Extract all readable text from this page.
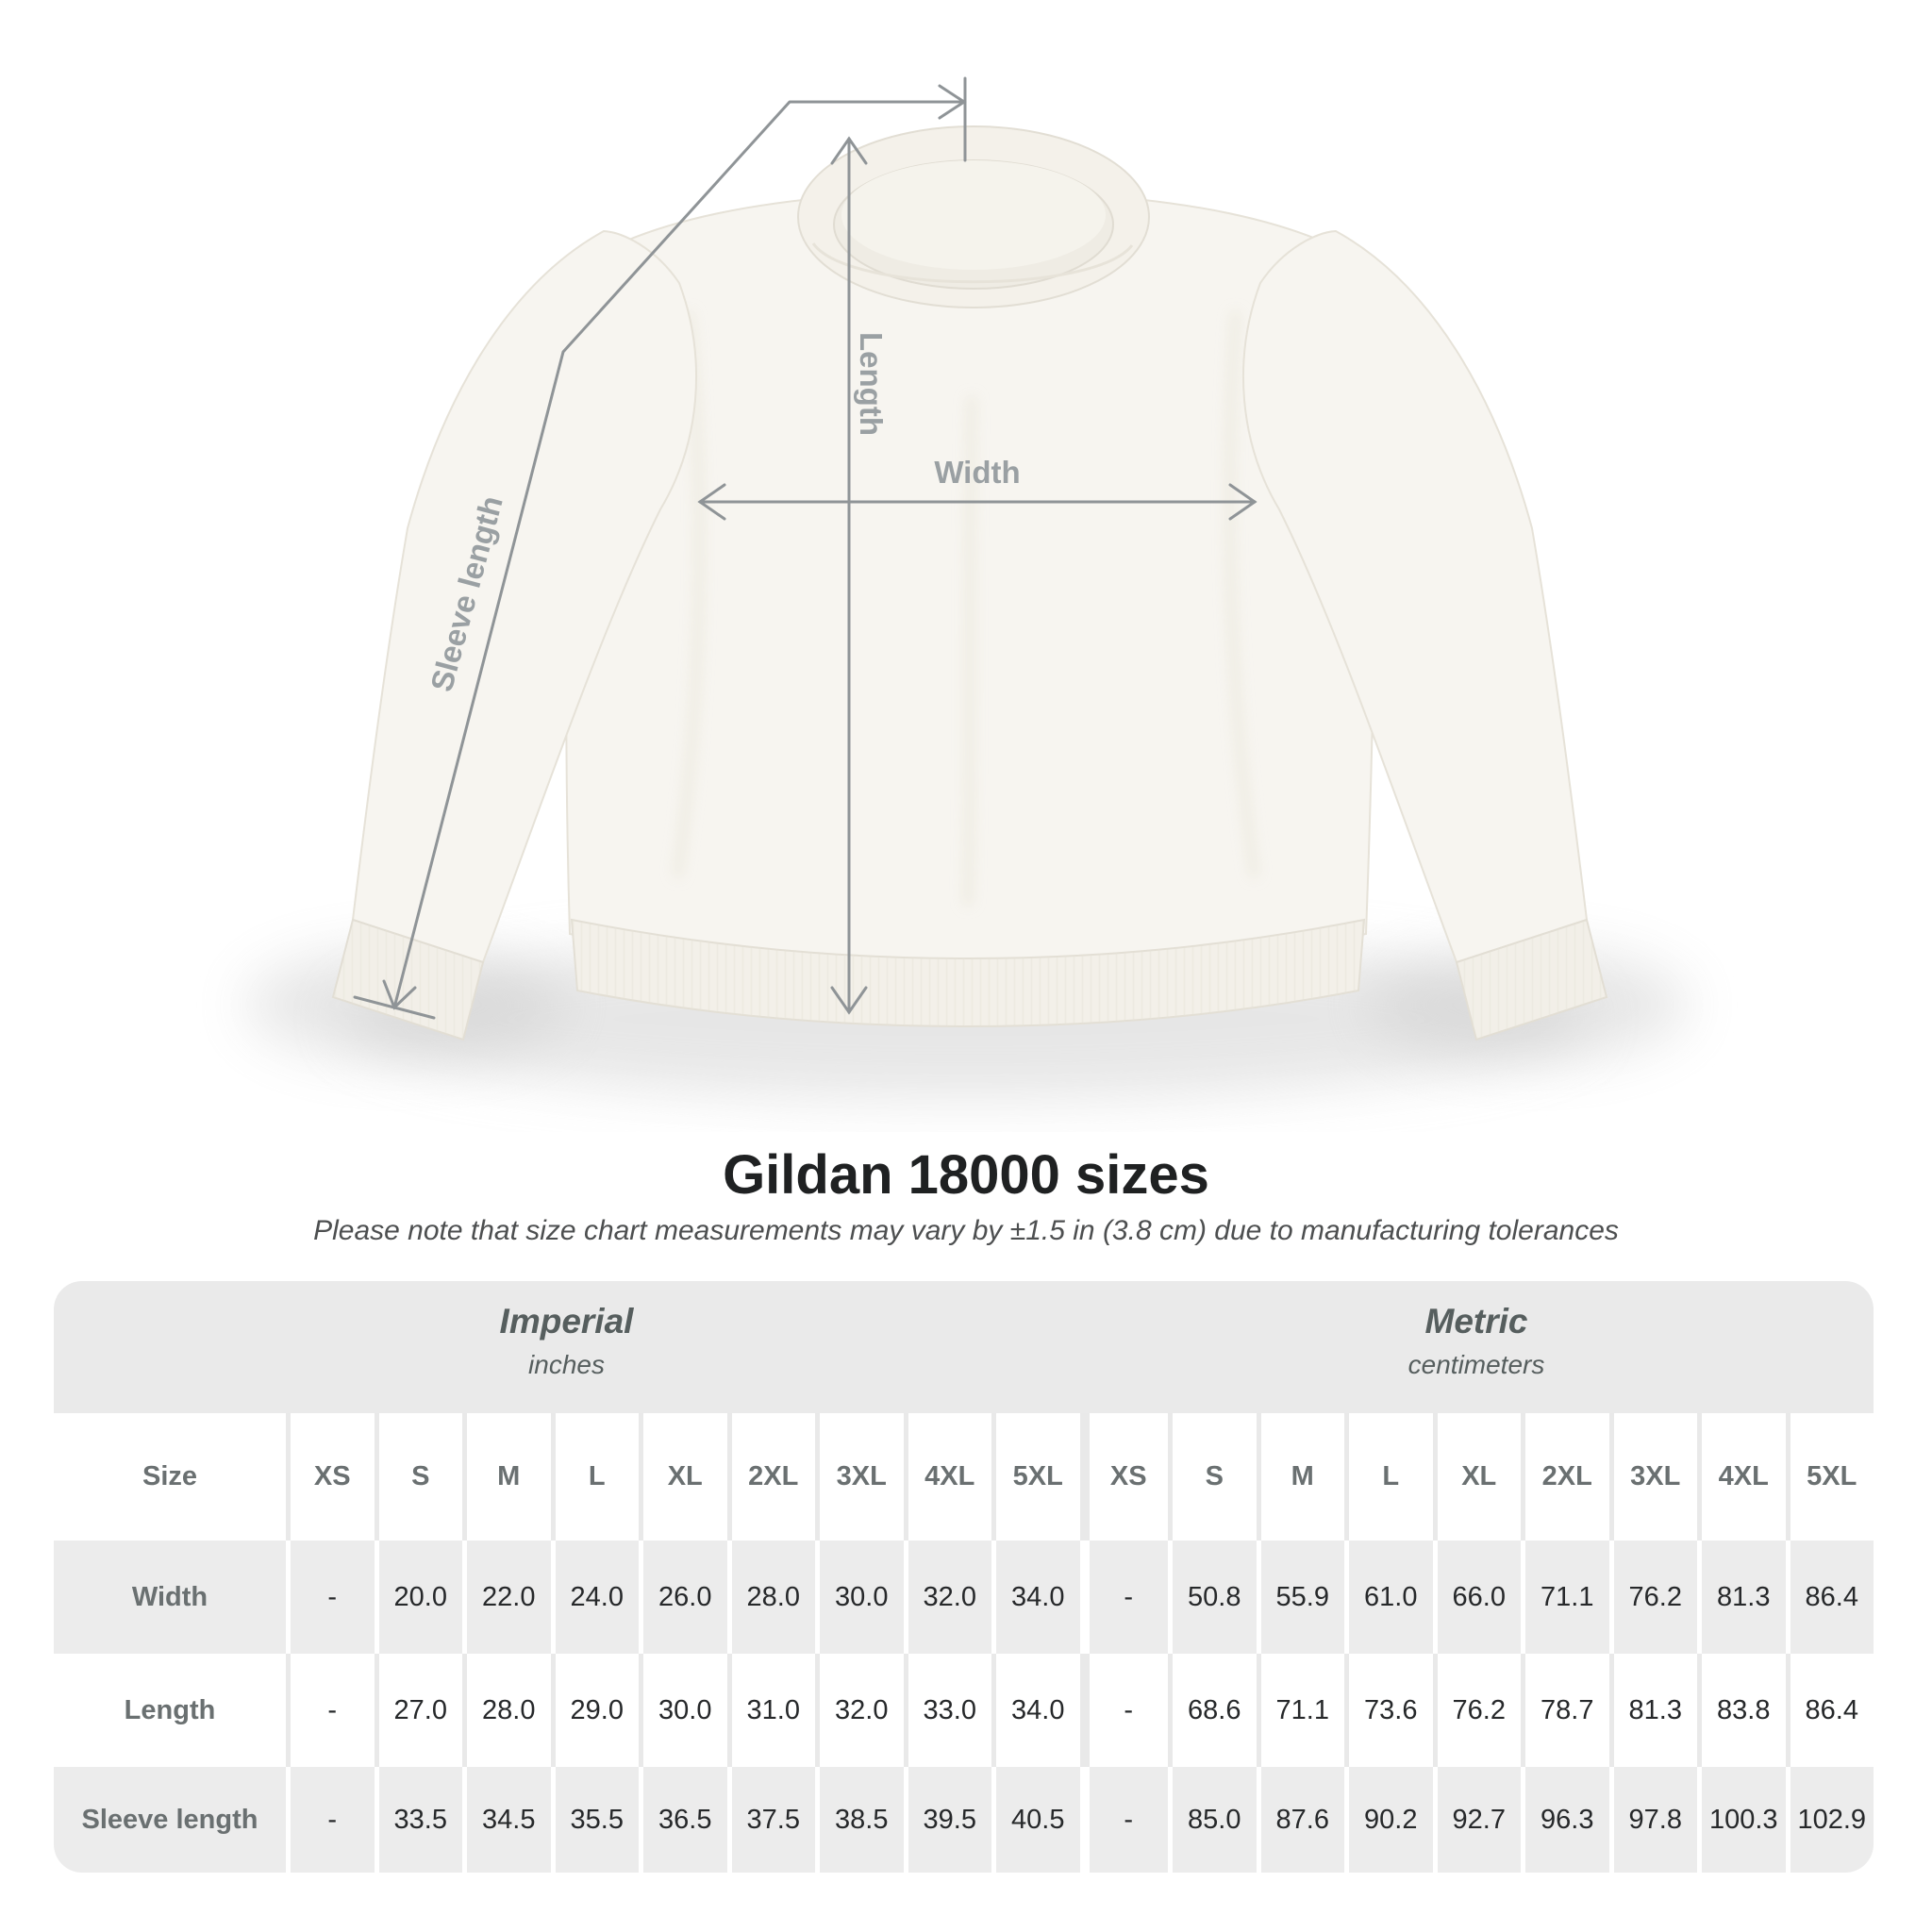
Width
Length
Sleeve length
Gildan 18000 sizes
Please note that size chart measurements may vary by ±1.5 in (3.8 cm) due to manufacturing tolerances
Imperial
inches
Metric
centimeters
Size	XS	S	M	L	XL	2XL	3XL	4XL	5XL	XS	S	M	L	XL	2XL	3XL	4XL	5XL
Width	-	20.0	22.0	24.0	26.0	28.0	30.0	32.0	34.0	-	50.8	55.9	61.0	66.0	71.1	76.2	81.3	86.4
Length	-	27.0	28.0	29.0	30.0	31.0	32.0	33.0	34.0	-	68.6	71.1	73.6	76.2	78.7	81.3	83.8	86.4
Sleeve length	-	33.5	34.5	35.5	36.5	37.5	38.5	39.5	40.5	-	85.0	87.6	90.2	92.7	96.3	97.8 100.3 102.9
